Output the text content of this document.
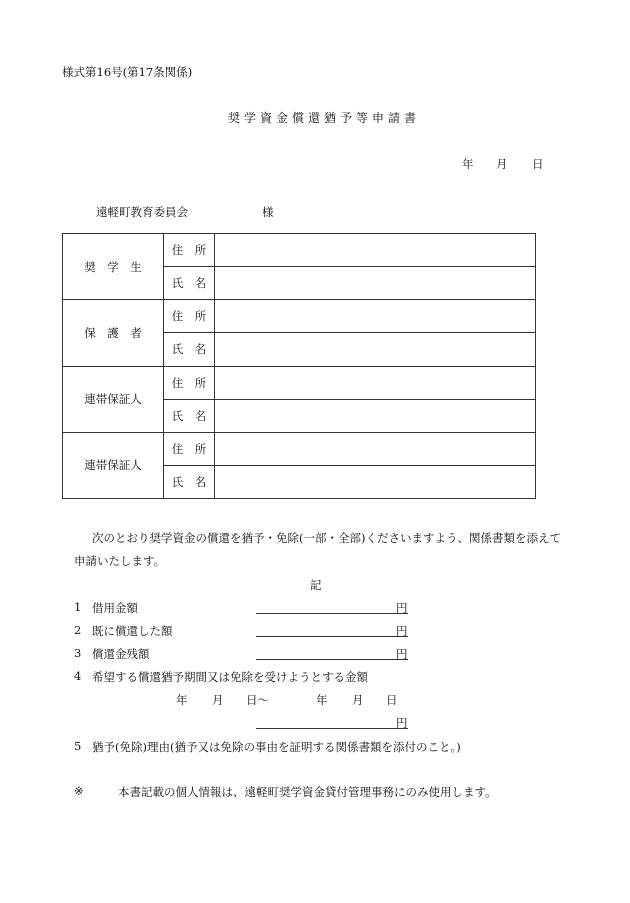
様式第16号(第17条関係)
奨学資金償還猶予等申請書
年 月 日
遠軽町教育委員会	様
奨　学　生	住　所	
	氏　名	
保　護　者	住　所	
	氏　名	
連帯保証人	住　所	
	氏　名	
連帯保証人	住　所	
	氏　名	
次のとおり奨学資金の償還を猶予・免除(一部・全部)くださいますよう、関係書類を添えて
申請いたします。
記
1 借用金額	円
2 既に償還した額	円
3 償還金残額	円
4 希望する償還猶予期間又は免除を受けようとする金額
年 月 日〜	年 月 日
円
5 猶予(免除)理由(猶予又は免除の事由を証明する関係書類を添付のこと。)
※	本書記載の個人情報は、遠軽町奨学資金貸付管理事務にのみ使用します。
